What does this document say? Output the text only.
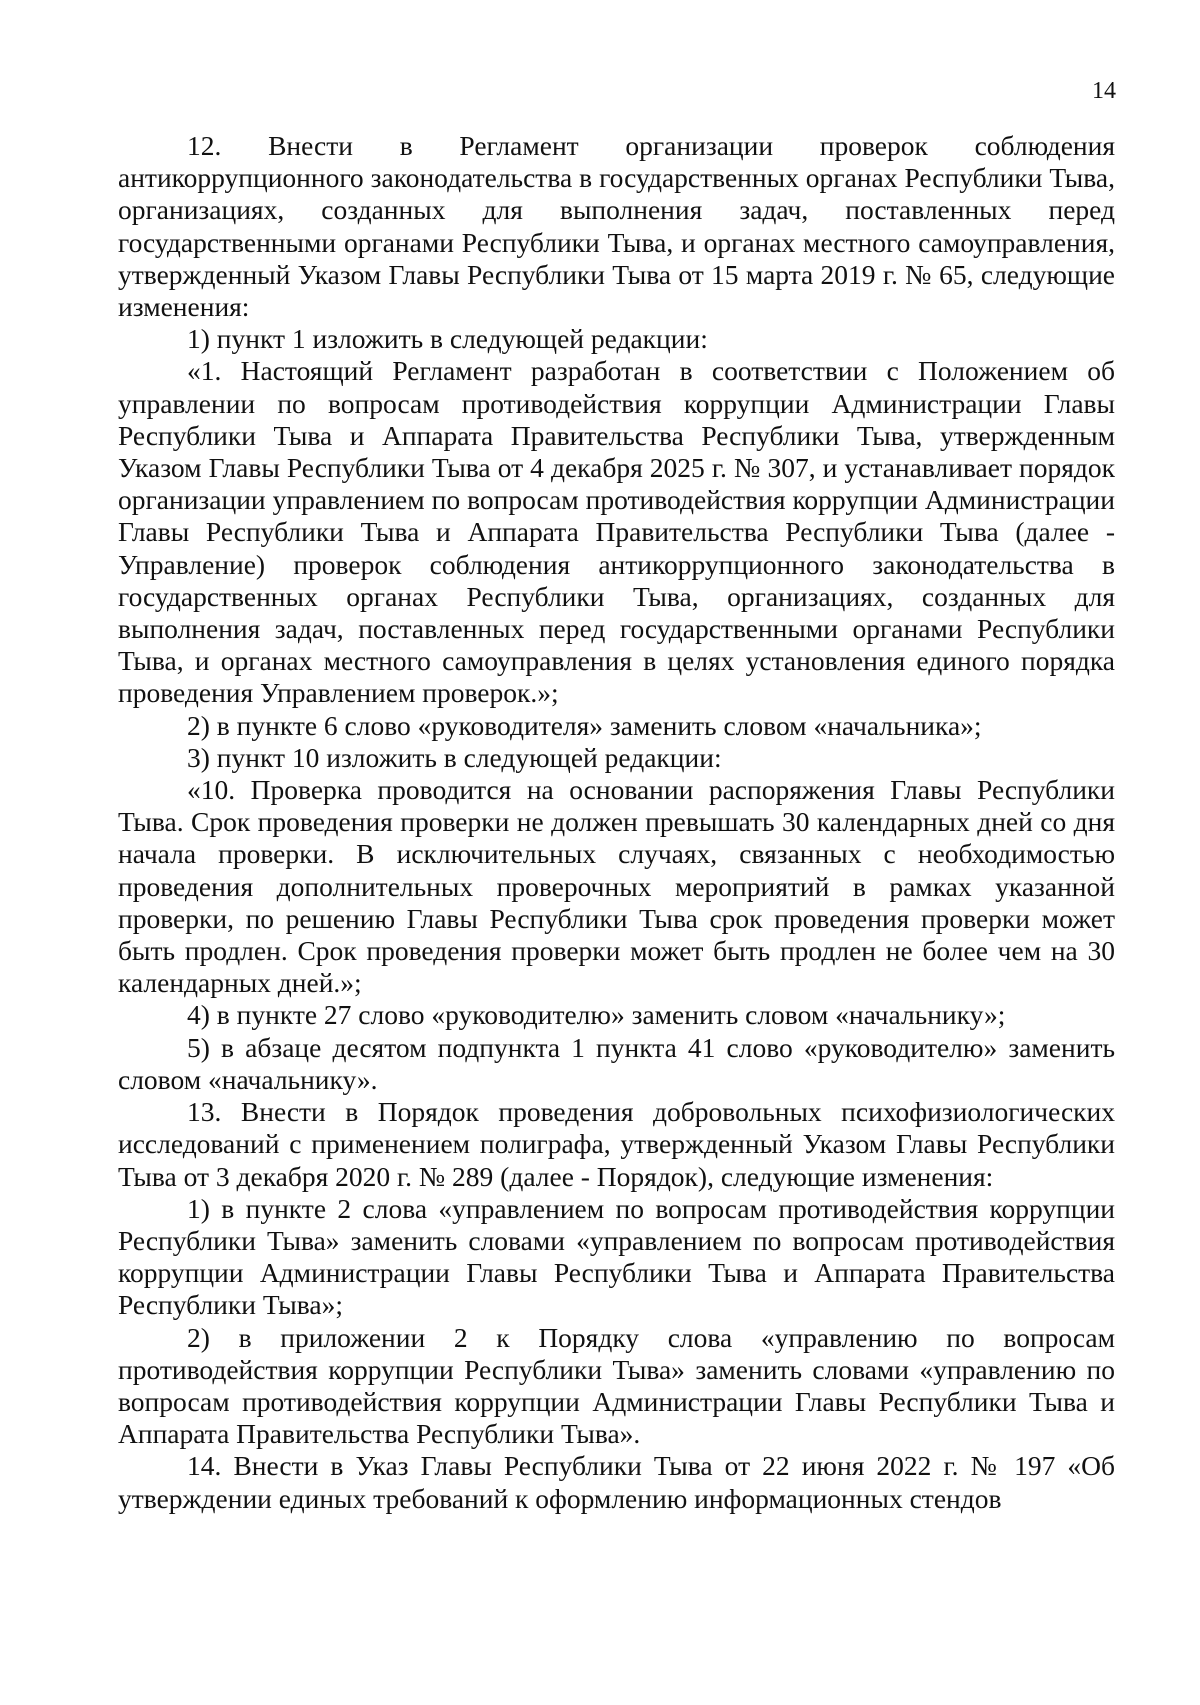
14

12. Внести в Регламент организации проверок соблюдения антикоррупционного законодательства в государственных органах Республики Тыва, организациях, созданных для выполнения задач, поставленных перед государственными органами Республики Тыва, и органах местного самоуправления, утвержденный Указом Главы Республики Тыва от 15 марта 2019 г. № 65, следующие изменения:

1) пункт 1 изложить в следующей редакции:

«1. Настоящий Регламент разработан в соответствии с Положением об управлении по вопросам противодействия коррупции Администрации Главы Республики Тыва и Аппарата Правительства Республики Тыва, утвержденным Указом Главы Республики Тыва от 4 декабря 2025 г. № 307, и устанавливает порядок организации управлением по вопросам противодействия коррупции Администрации Главы Республики Тыва и Аппарата Правительства Республики Тыва (далее - Управление) проверок соблюдения антикоррупционного законодательства в государственных органах Республики Тыва, организациях, созданных для выполнения задач, поставленных перед государственными органами Республики Тыва, и органах местного самоуправления в целях установления единого порядка проведения Управлением проверок.»;

2) в пункте 6 слово «руководителя» заменить словом «начальника»;

3) пункт 10 изложить в следующей редакции:

«10. Проверка проводится на основании распоряжения Главы Республики Тыва. Срок проведения проверки не должен превышать 30 календарных дней со дня начала проверки. В исключительных случаях, связанных с необходимостью проведения дополнительных проверочных мероприятий в рамках указанной проверки, по решению Главы Республики Тыва срок проведения проверки может быть продлен. Срок проведения проверки может быть продлен не более чем на 30 календарных дней.»;

4) в пункте 27 слово «руководителю» заменить словом «начальнику»;

5) в абзаце десятом подпункта 1 пункта 41 слово «руководителю» заменить словом «начальнику».

13. Внести в Порядок проведения добровольных психофизиологических исследований с применением полиграфа, утвержденный Указом Главы Республики Тыва от 3 декабря 2020 г. № 289 (далее - Порядок), следующие изменения:

1) в пункте 2 слова «управлением по вопросам противодействия коррупции Республики Тыва» заменить словами «управлением по вопросам противодействия коррупции Администрации Главы Республики Тыва и Аппарата Правительства Республики Тыва»;

2) в приложении 2 к Порядку слова «управлению по вопросам противодействия коррупции Республики Тыва» заменить словами «управлению по вопросам противодействия коррупции Администрации Главы Республики Тыва и Аппарата Правительства Республики Тыва».

14. Внести в Указ Главы Республики Тыва от 22 июня 2022 г. № 197 «Об утверждении единых требований к оформлению информационных стендов
